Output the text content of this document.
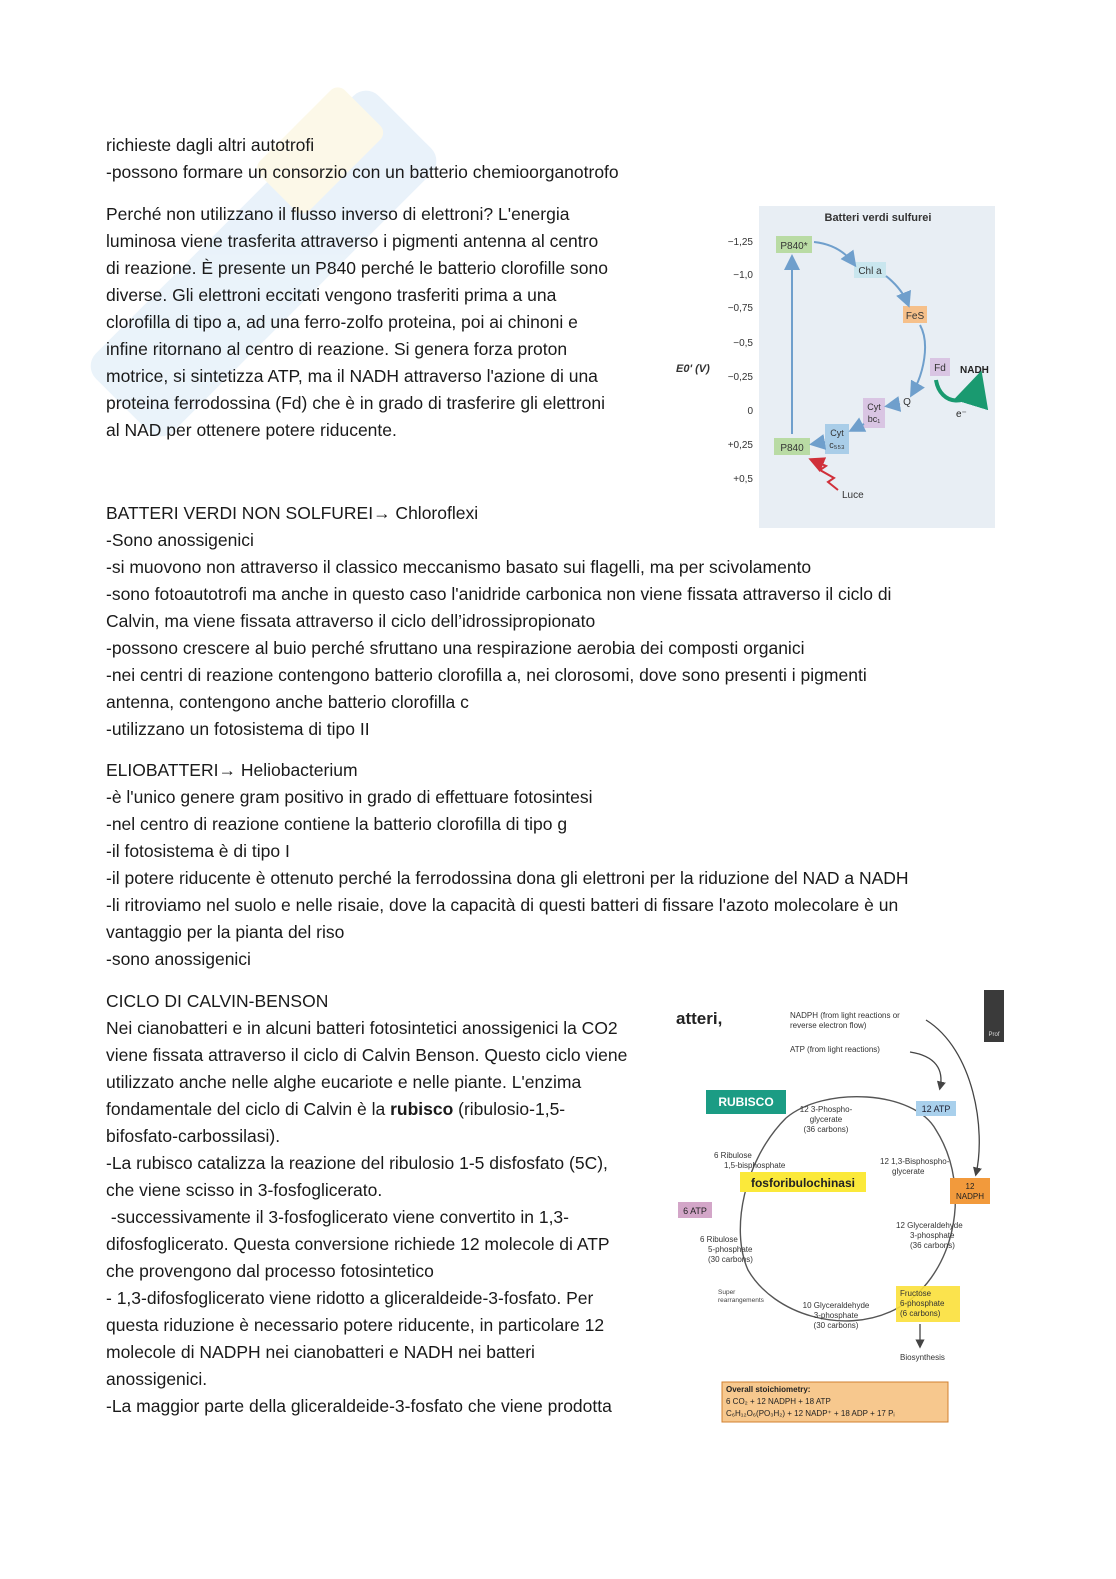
richieste dagli altri autotrofi
-possono formare un consorzio con un batterio chemioorganotrofo

Perché non utilizzano il flusso inverso di elettroni? L'energia
luminosa viene trasferita attraverso i pigmenti antenna al centro
di reazione. È presente un P840 perché le batterio clorofille sono
diverse. Gli elettroni eccitati vengono trasferiti prima a una
clorofilla di tipo a, ad una ferro-zolfo proteina, poi ai chinoni e
infine ritornano al centro di reazione. Si genera forza proton
motrice, si sintetizza ATP, ma il NADH attraverso l'azione di una
proteina ferrodossina (Fd) che è in grado di trasferire gli elettroni
al NAD per ottenere potere riducente.

Batteri verdi sulfurei
−1,25
−1,0
−0,75
−0,5
−0,25
0
+0,25
+0,5
E0' (V)
P840*
Chl a
FeS
Fd NADH
e⁻
Q
Cyt
bc₁
Cyt
c₅₅₃
P840
Luce

BATTERI VERDI NON SOLFUREI→ Chloroflexi
-Sono anossigenici
-si muovono non attraverso il classico meccanismo basato sui flagelli, ma per scivolamento
-sono fotoautotrofi ma anche in questo caso l'anidride carbonica non viene fissata attraverso il ciclo di
Calvin, ma viene fissata attraverso il ciclo dell’idrossipropionato
-possono crescere al buio perché sfruttano una respirazione aerobia dei composti organici
-nei centri di reazione contengono batterio clorofilla a, nei clorosomi, dove sono presenti i pigmenti
antenna, contengono anche batterio clorofilla c
-utilizzano un fotosistema di tipo II

ELIOBATTERI→ Heliobacterium
-è l'unico genere gram positivo in grado di effettuare fotosintesi
-nel centro di reazione contiene la batterio clorofilla di tipo g
-il fotosistema è di tipo I
-il potere riducente è ottenuto perché la ferrodossina dona gli elettroni per la riduzione del NAD a NADH
-li ritroviamo nel suolo e nelle risaie, dove la capacità di questi batteri di fissare l'azoto molecolare è un
vantaggio per la pianta del riso
-sono anossigenici

CICLO DI CALVIN-BENSON
Nei cianobatteri e in alcuni batteri fotosintetici anossigenici la CO2
viene fissata attraverso il ciclo di Calvin Benson. Questo ciclo viene
utilizzato anche nelle alghe eucariote e nelle piante. L'enzima
fondamentale del ciclo di Calvin è la rubisco (ribulosio-1,5-
bifosfato-carbossilasi).
-La rubisco catalizza la reazione del ribulosio 1-5 disfosfato (5C),
che viene scisso in 3-fosfoglicerato.
-successivamente il 3-fosfoglicerato viene convertito in 1,3-
difosfoglicerato. Questa conversione richiede 12 molecole di ATP
che provengono dal processo fotosintetico
- 1,3-difosfoglicerato viene ridotto a gliceraldeide-3-fosfato. Per
questa riduzione è necessario potere riducente, in particolare 12
molecole di NADPH nei cianobatteri e NADH nei batteri
anossigenici.
-La maggior parte della gliceraldeide-3-fosfato che viene prodotta

Prof
atteri,	NADPH (from light reactions or
reverse electron flow)
ATP (from light reactions)
RUBISCO
12 3-Phospho-
glycerate
(36 carbons)
12 ATP
6 Ribulose
1,5-bisphosphate	12 1,3-Bisphospho-
glycerate
fosforibulochinasi	12
NADPH
6 ATP
6 Ribulose
5-phosphate
(30 carbons)
12 Glyceraldehyde
3-phosphate
(36 carbons)
Super
rearrangements
10 Glyceraldehyde
3-phosphate
(30 carbons)
Fructose
6-phosphate
(6 carbons)
Biosynthesis
Overall stoichiometry:
6 CO₂ + 12 NADPH + 18 ATP
C₆H₁₂O₆(PO₃H₂) + 12 NADP⁺ + 18 ADP + 17 Pᵢ
